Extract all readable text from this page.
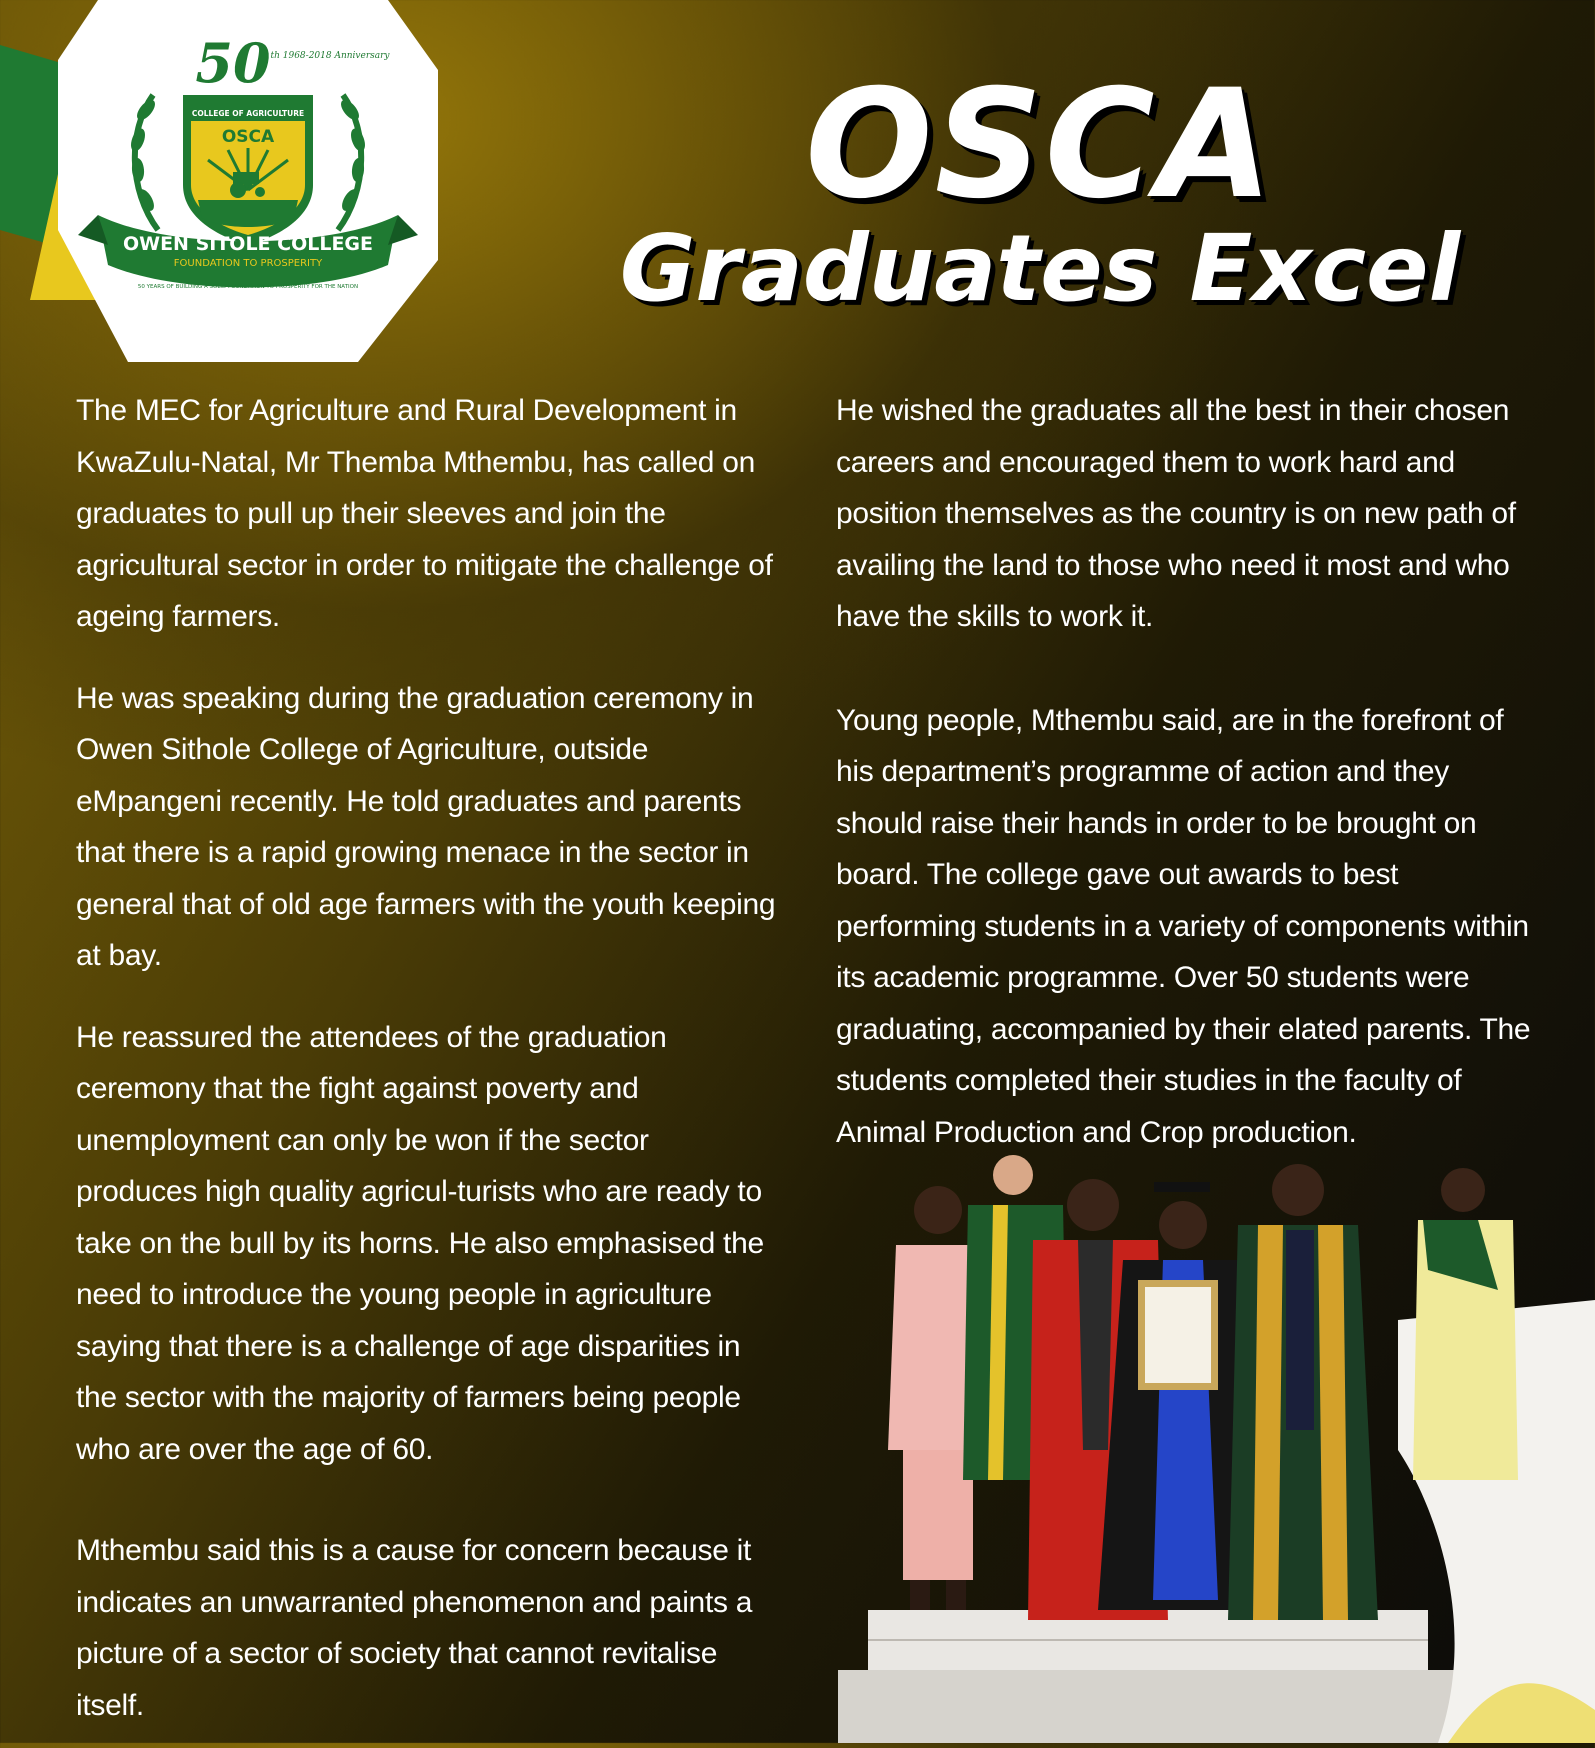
50 th 1968-2018 Anniversary
COLLEGE OF AGRICULTURE
OSCA
OWEN SITOLE COLLEGE
FOUNDATION TO PROSPERITY
50 YEARS OF BUILDING A SOLID FOUNDATION TO PROSPERITY FOR THE NATION
OSCA
Graduates Excel

The MEC for Agriculture and Rural Development in KwaZulu-Natal, Mr Themba Mthembu, has called on graduates to pull up their sleeves and join the agricultural sector in order to mitigate the challenge of ageing farmers.

He was speaking during the graduation ceremony in Owen Sithole College of Agriculture, outside eMpangeni recently. He told graduates and parents that there is a rapid growing menace in the sector in general that of old age farmers with the youth keeping at bay.

He reassured the attendees of the graduation ceremony that the fight against poverty and unemployment can only be won if the sector produces high quality agricul-turists who are ready to take on the bull by its horns. He also emphasised the need to introduce the young people in agriculture saying that there is a challenge of age disparities in the sector with the majority of farmers being people who are over the age of 60.

Mthembu said this is a cause for concern because it indicates an unwarranted phenomenon and paints a picture of a sector of society that cannot revitalise itself.

He wished the graduates all the best in their chosen careers and encouraged them to work hard and position themselves as the country is on new path of availing the land to those who need it most and who have the skills to work it.

Young people, Mthembu said, are in the forefront of his department’s programme of action and they should raise their hands in order to be brought on board. The college gave out awards to best performing students in a variety of components within its academic programme. Over 50 students were graduating, accompanied by their elated parents. The students completed their studies in the faculty of Animal Production and Crop production.
